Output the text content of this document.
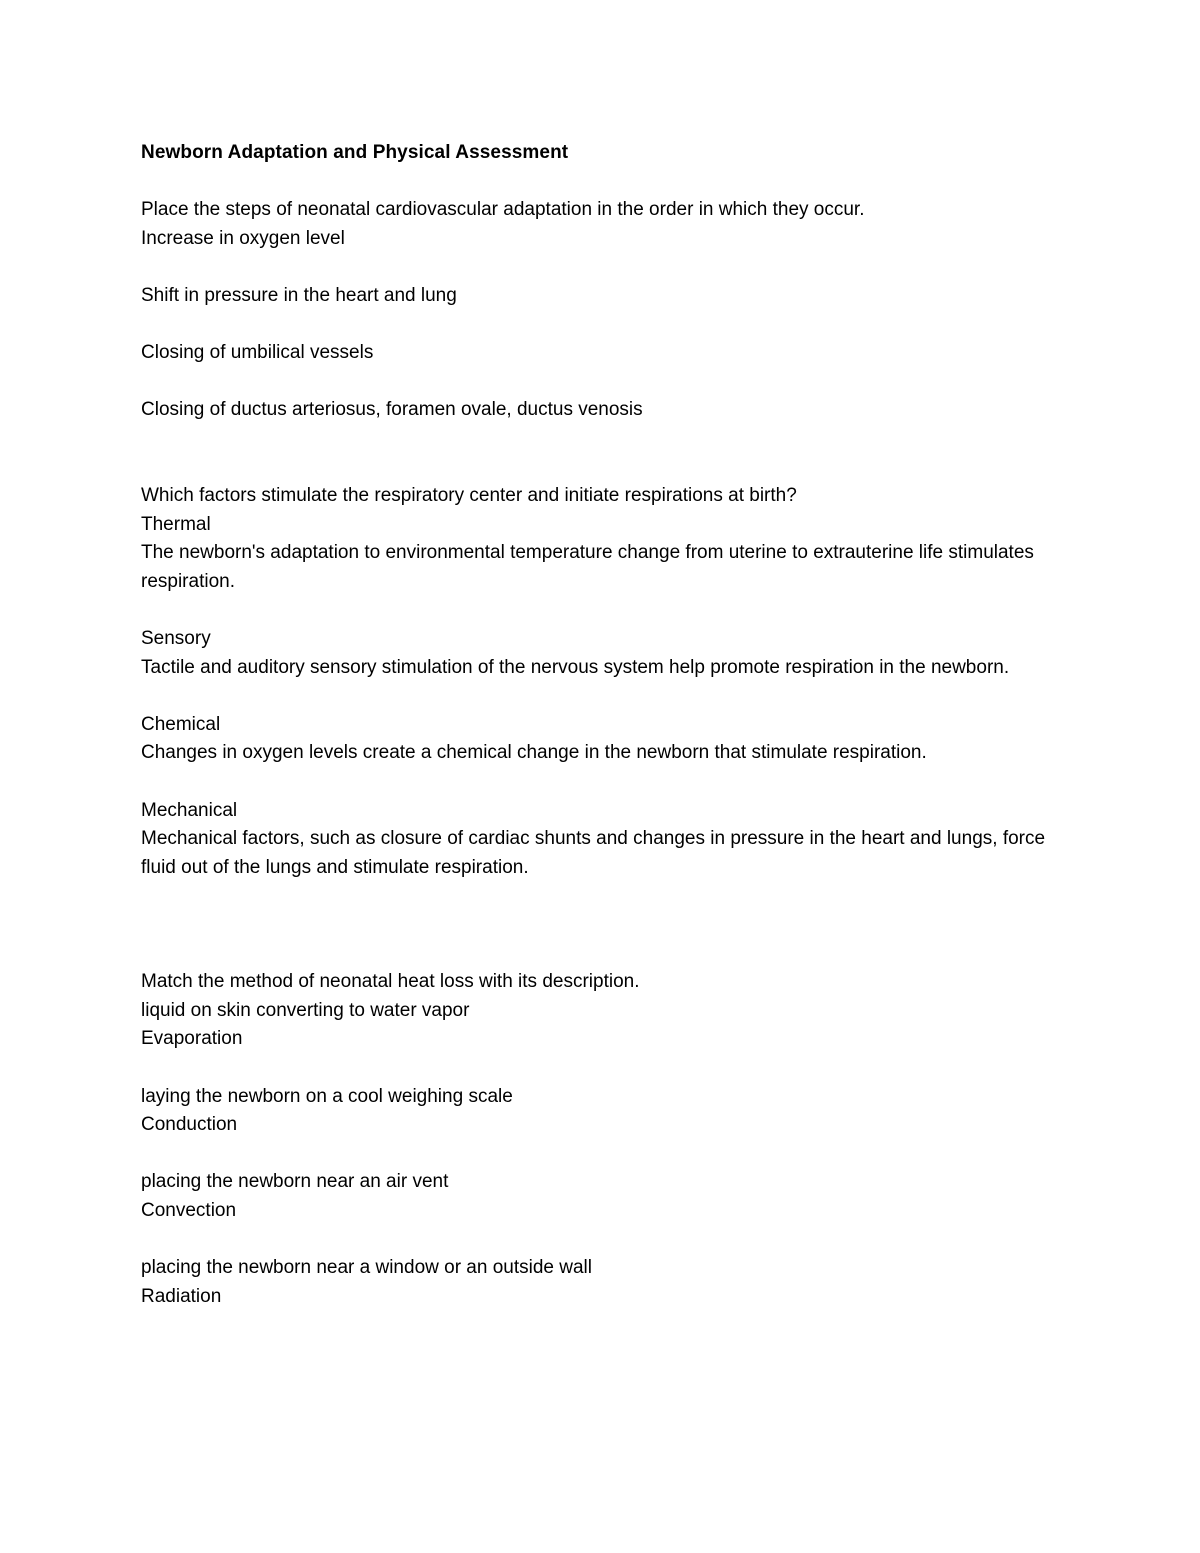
Newborn Adaptation and Physical Assessment

Place the steps of neonatal cardiovascular adaptation in the order in which they occur.

Increase in oxygen level

Shift in pressure in the heart and lung

Closing of umbilical vessels

Closing of ductus arteriosus, foramen ovale, ductus venosis

Which factors stimulate the respiratory center and initiate respirations at birth?

Thermal

The newborn's adaptation to environmental temperature change from uterine to extrauterine life stimulates respiration.

Sensory

Tactile and auditory sensory stimulation of the nervous system help promote respiration in the newborn.

Chemical

Changes in oxygen levels create a chemical change in the newborn that stimulate respiration.

Mechanical

Mechanical factors, such as closure of cardiac shunts and changes in pressure in the heart and lungs, force fluid out of the lungs and stimulate respiration.

Match the method of neonatal heat loss with its description.

liquid on skin converting to water vapor

Evaporation

laying the newborn on a cool weighing scale

Conduction

placing the newborn near an air vent

Convection

placing the newborn near a window or an outside wall

Radiation
